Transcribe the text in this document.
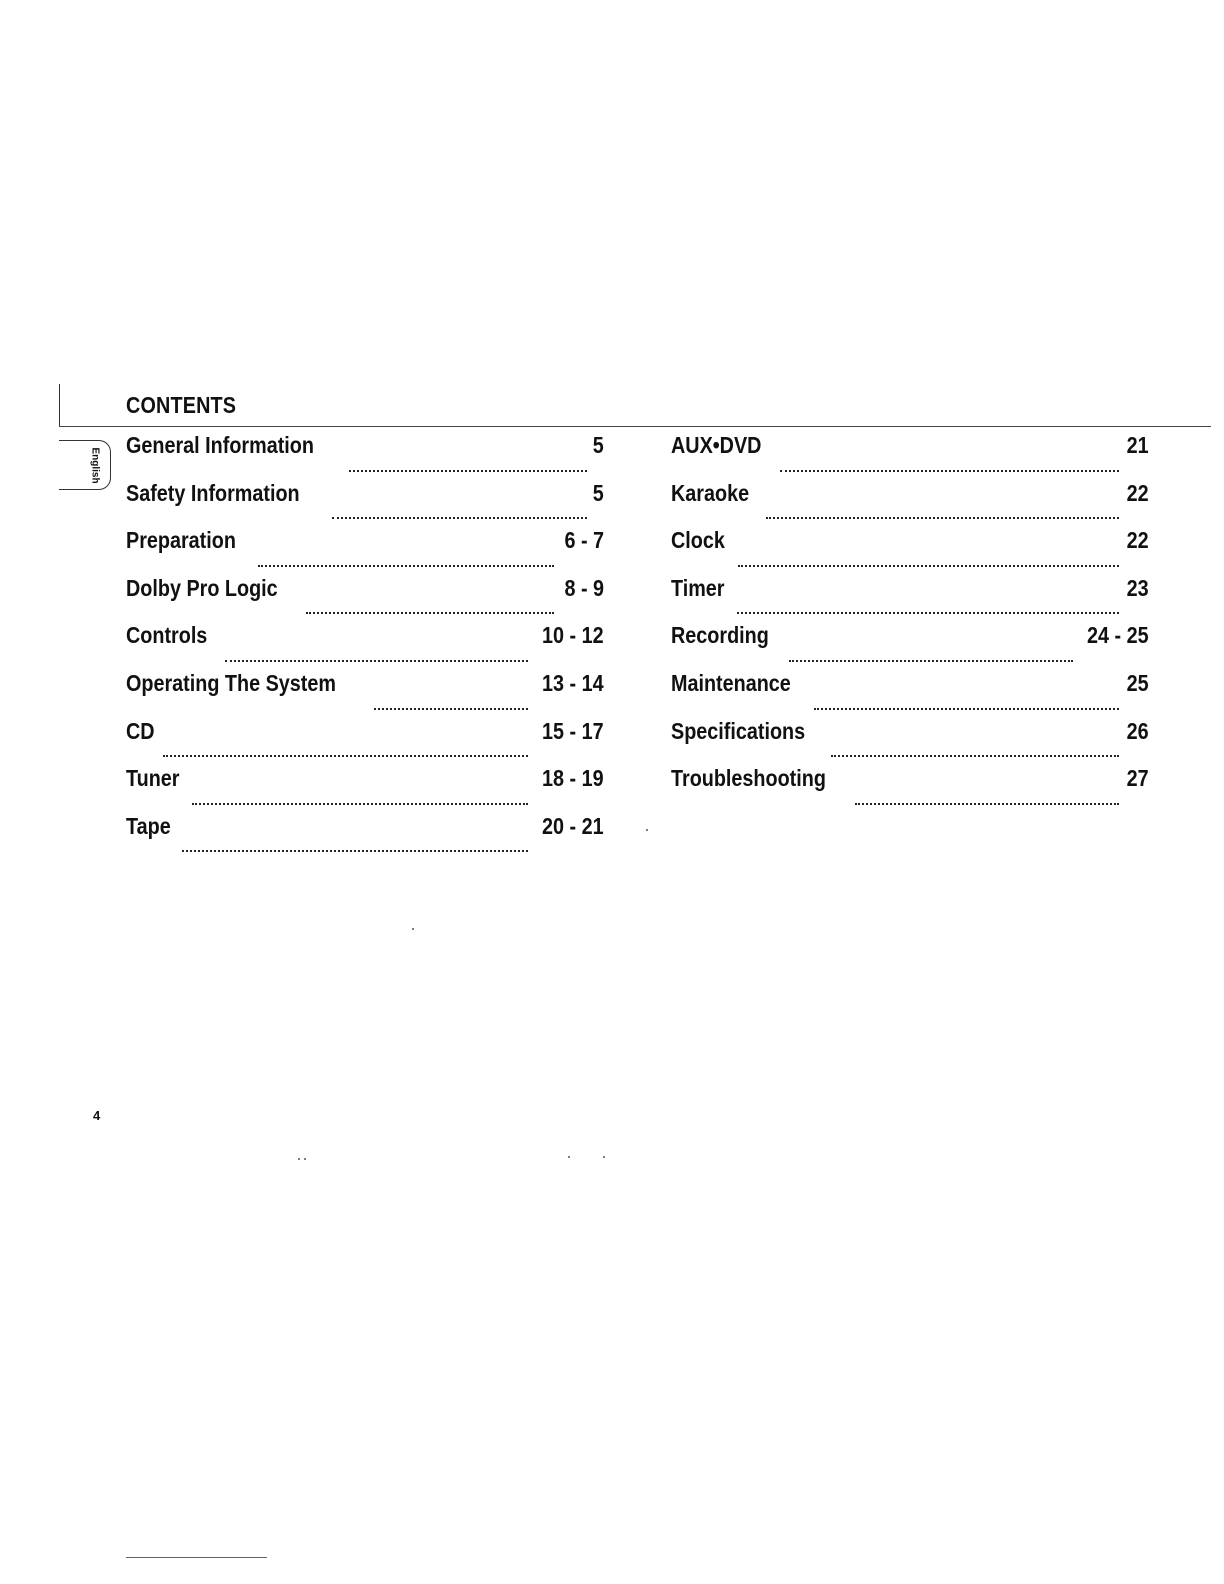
CONTENTS
English
General Information	5
Safety Information	5
Preparation	6 - 7
Dolby Pro Logic	8 - 9
Controls	10 - 12
Operating The System	13 - 14
CD	15 - 17
Tuner	18 - 19
Tape	20 - 21
AUX•DVD	21
Karaoke	22
Clock	22
Timer	23
Recording	24 - 25
Maintenance	25
Specifications	26
Troubleshooting	27
4
